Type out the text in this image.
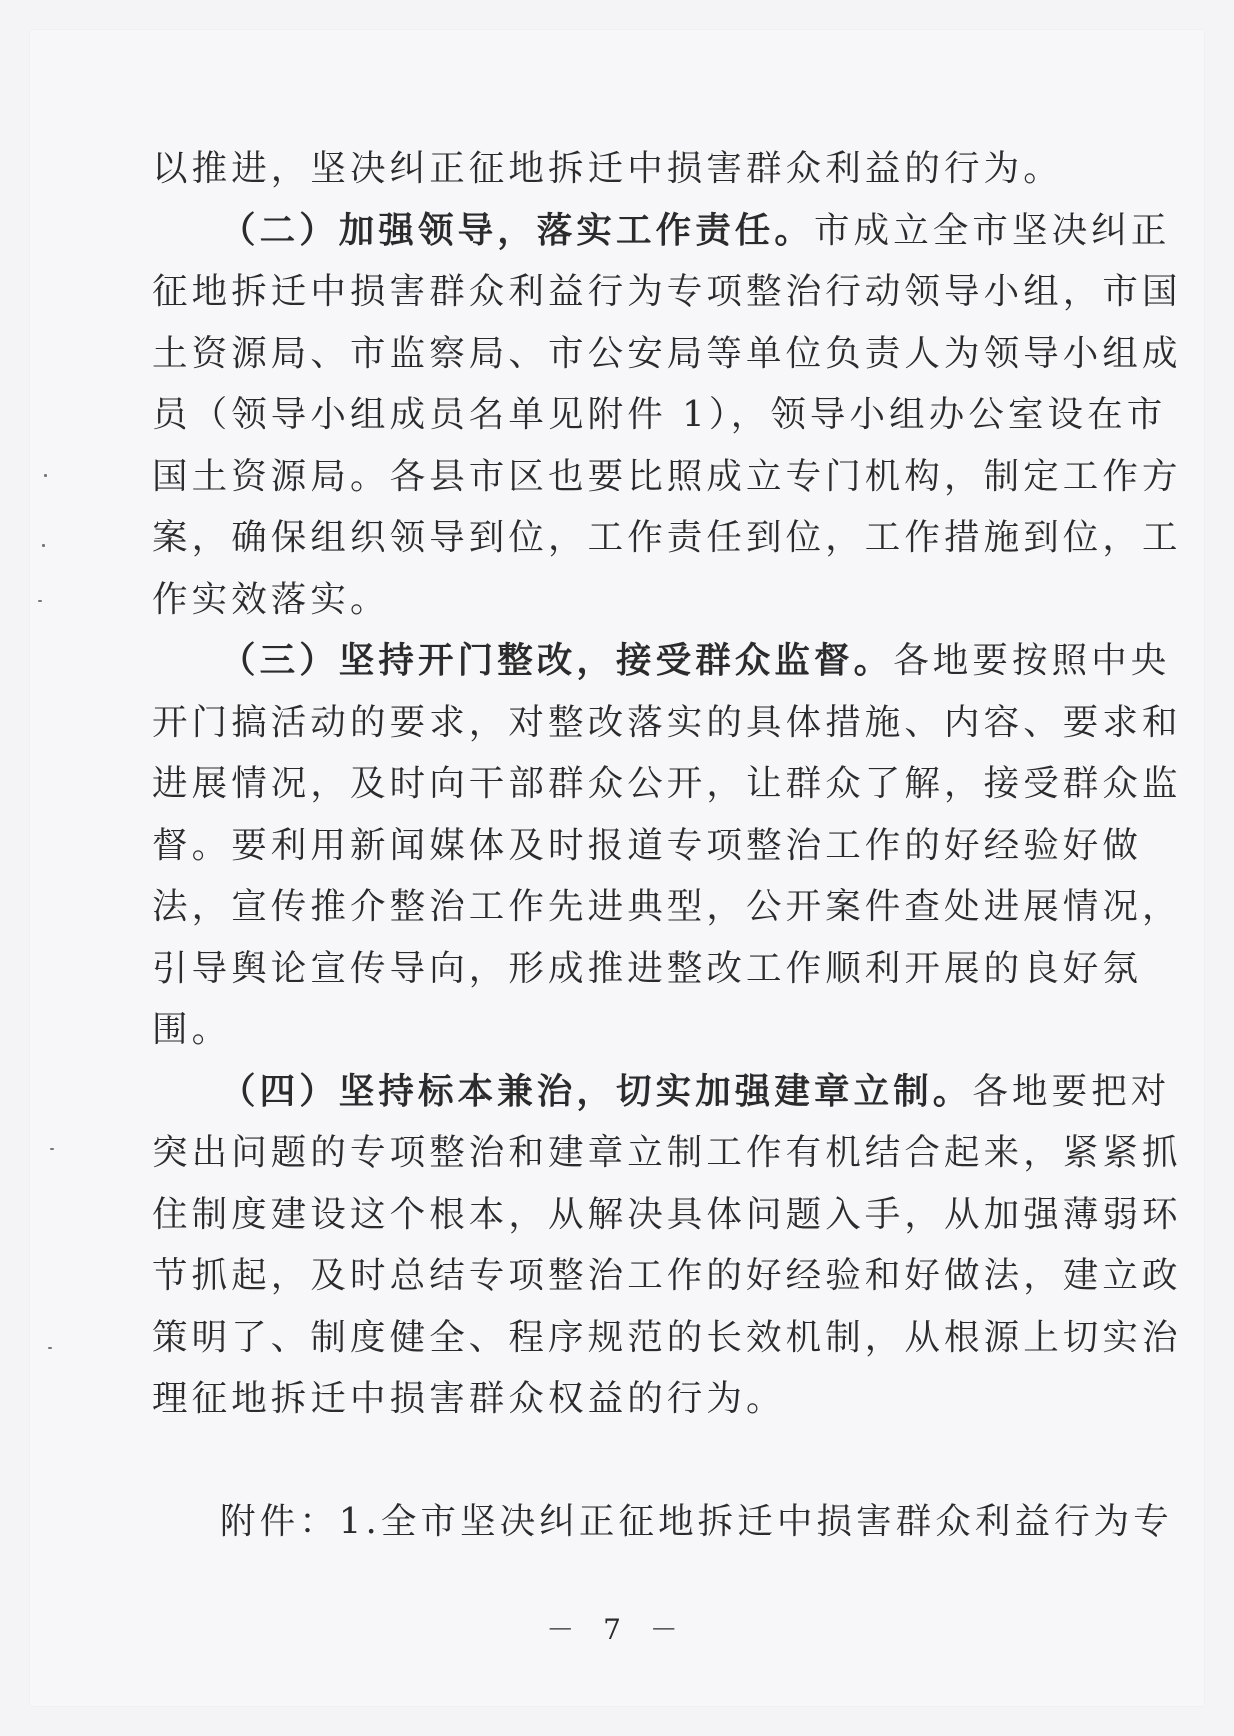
以推进，坚决纠正征地拆迁中损害群众利益的行为。
（二）加强领导，落实工作责任。市成立全市坚决纠正
征地拆迁中损害群众利益行为专项整治行动领导小组，市国
土资源局、市监察局、市公安局等单位负责人为领导小组成
员（领导小组成员名单见附件 1），领导小组办公室设在市
国土资源局。各县市区也要比照成立专门机构，制定工作方
案，确保组织领导到位，工作责任到位，工作措施到位，工
作实效落实。
（三）坚持开门整改，接受群众监督。各地要按照中央
开门搞活动的要求，对整改落实的具体措施、内容、要求和
进展情况，及时向干部群众公开，让群众了解，接受群众监
督。要利用新闻媒体及时报道专项整治工作的好经验好做
法，宣传推介整治工作先进典型，公开案件查处进展情况，
引导舆论宣传导向，形成推进整改工作顺利开展的良好氛
围。
（四）坚持标本兼治，切实加强建章立制。各地要把对
突出问题的专项整治和建章立制工作有机结合起来，紧紧抓
住制度建设这个根本，从解决具体问题入手，从加强薄弱环
节抓起，及时总结专项整治工作的好经验和好做法，建立政
策明了、制度健全、程序规范的长效机制，从根源上切实治
理征地拆迁中损害群众权益的行为。
附件：1.全市坚决纠正征地拆迁中损害群众利益行为专
－ 7 －
